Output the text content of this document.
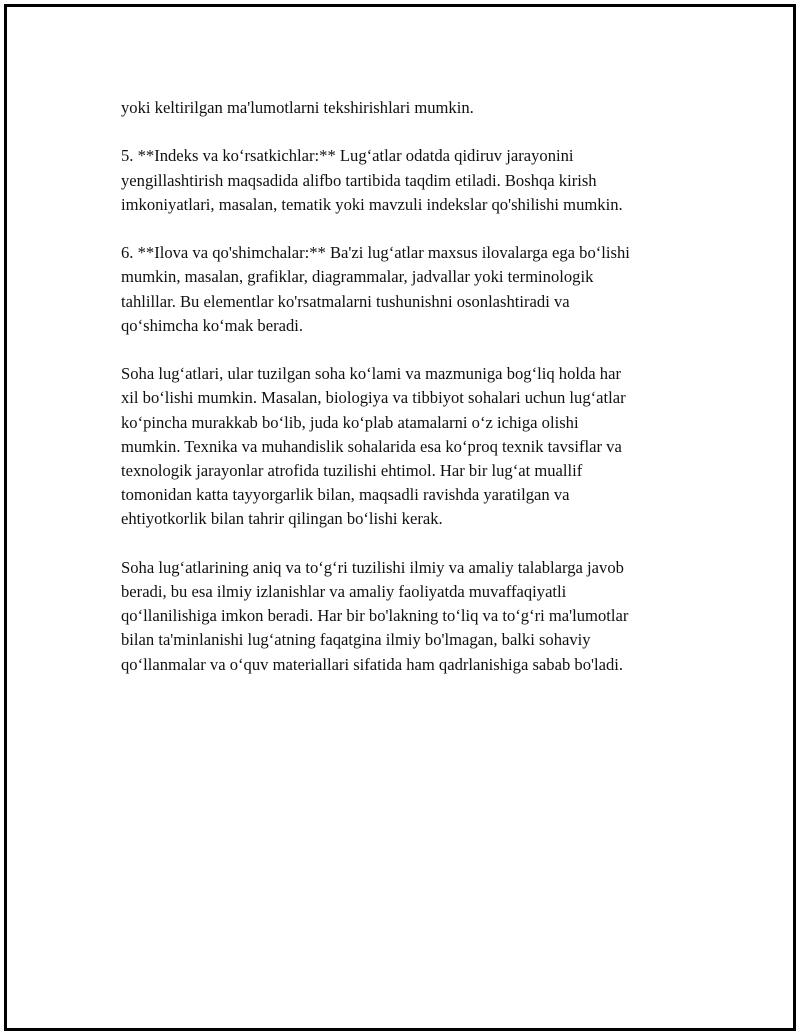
yoki keltirilgan ma'lumotlarni tekshirishlari mumkin.

5. **Indeks va ko‘rsatkichlar:** Lug‘atlar odatda qidiruv jarayonini
yengillashtirish maqsadida alifbo tartibida taqdim etiladi. Boshqa kirish
imkoniyatlari, masalan, tematik yoki mavzuli indekslar qo'shilishi mumkin.

6. **Ilova va qo'shimchalar:** Ba'zi lug‘atlar maxsus ilovalarga ega bo‘lishi
mumkin, masalan, grafiklar, diagrammalar, jadvallar yoki terminologik
tahlillar. Bu elementlar ko'rsatmalarni tushunishni osonlashtiradi va
qo‘shimcha ko‘mak beradi.

Soha lug‘atlari, ular tuzilgan soha ko‘lami va mazmuniga bog‘liq holda har
xil bo‘lishi mumkin. Masalan, biologiya va tibbiyot sohalari uchun lug‘atlar
ko‘pincha murakkab bo‘lib, juda ko‘plab atamalarni o‘z ichiga olishi
mumkin. Texnika va muhandislik sohalarida esa ko‘proq texnik tavsiflar va
texnologik jarayonlar atrofida tuzilishi ehtimol. Har bir lug‘at muallif
tomonidan katta tayyorgarlik bilan, maqsadli ravishda yaratilgan va
ehtiyotkorlik bilan tahrir qilingan bo‘lishi kerak.

Soha lug‘atlarining aniq va to‘g‘ri tuzilishi ilmiy va amaliy talablarga javob
beradi, bu esa ilmiy izlanishlar va amaliy faoliyatda muvaffaqiyatli
qo‘llanilishiga imkon beradi. Har bir bo'lakning to‘liq va to‘g‘ri ma'lumotlar
bilan ta'minlanishi lug‘atning faqatgina ilmiy bo'lmagan, balki sohaviy
qo‘llanmalar va o‘quv materiallari sifatida ham qadrlanishiga sabab bo'ladi.
